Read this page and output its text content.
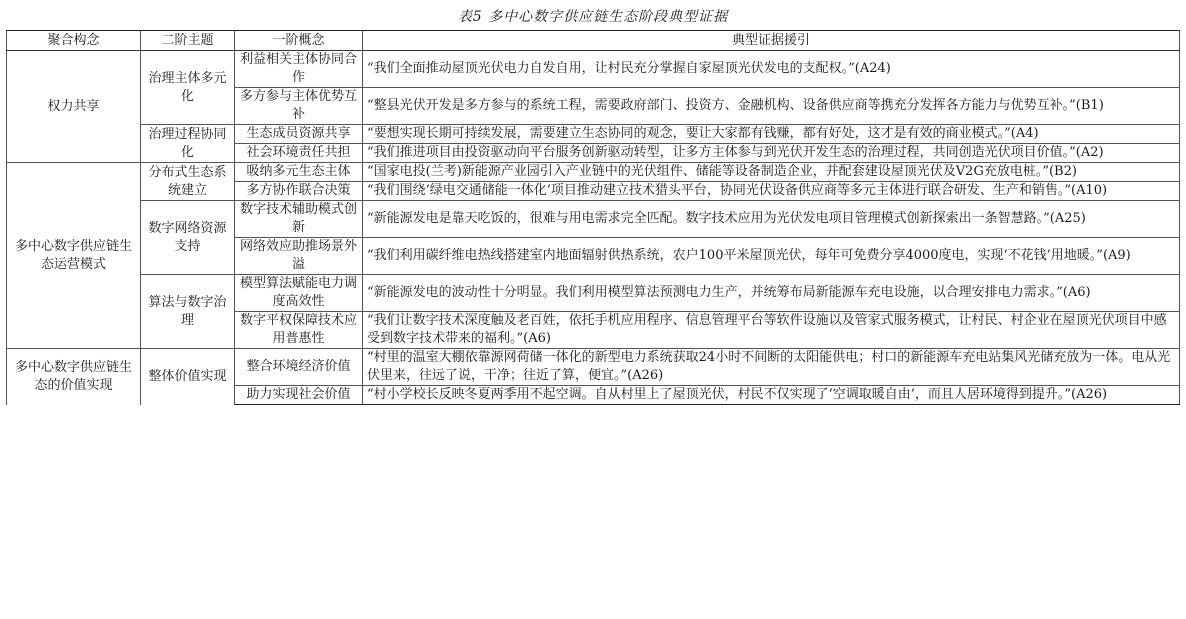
表5 多中心数字供应链生态阶段典型证据
聚合构念	二阶主题	一阶概念	典型证据援引
权力共享	治理主体多元化	利益相关主体协同合作	“我们全面推动屋顶光伏电力自发自用，让村民充分掌握自家屋顶光伏发电的支配权。”(A24)
		多方参与主体优势互补	“整县光伏开发是多方参与的系统工程，需要政府部门、投资方、金融机构、设备供应商等携充分发挥各方能力与优势互补。”(B1)
	治理过程协同化	生态成员资源共享	“要想实现长期可持续发展，需要建立生态协同的观念，要让大家都有钱赚，都有好处，这才是有效的商业模式。”(A4)
		社会环境责任共担	“我们推进项目由投资驱动向平台服务创新驱动转型，让多方主体参与到光伏开发生态的治理过程，共同创造光伏项目价值。”(A2)
多中心数字供应链生态运营模式	分布式生态系统建立	吸纳多元生态主体	“国家电投(兰考)新能源产业园引入产业链中的光伏组件、储能等设备制造企业，并配套建设屋顶光伏及V2G充放电桩。”(B2)
		多方协作联合决策	“我们围绕‘绿电交通储能一体化’项目推动建立技术猎头平台，协同光伏设备供应商等多元主体进行联合研发、生产和销售。”(A10)
	数字网络资源支持	数字技术辅助模式创新	“新能源发电是靠天吃饭的，很难与用电需求完全匹配。数字技术应用为光伏发电项目管理模式创新探索出一条智慧路。”(A25)
		网络效应助推场景外溢	“我们利用碳纤维电热线搭建室内地面辐射供热系统，农户100平米屋顶光伏，每年可免费分享4000度电，实现‘不花钱’用地暖。”(A9)
	算法与数字治理	模型算法赋能电力调度高效性	“新能源发电的波动性十分明显。我们利用模型算法预测电力生产，并统筹布局新能源车充电设施，以合理安排电力需求。”(A6)
		数字平权保障技术应用普惠性	“我们让数字技术深度触及老百姓，依托手机应用程序、信息管理平台等软件设施以及管家式服务模式，让村民、村企业在屋顶光伏项目中感受到数字技术带来的福利。”(A6)
多中心数字供应链生态的价值实现	整体价值实现	整合环境经济价值	“村里的温室大棚依靠源网荷储一体化的新型电力系统获取24小时不间断的太阳能供电；村口的新能源车充电站集风光储充放为一体。电从光伏里来，往远了说，干净；往近了算，便宜。”(A26)
		助力实现社会价值	“村小学校长反映冬夏两季用不起空调。自从村里上了屋顶光伏，村民不仅实现了‘空调取暖自由’，而且人居环境得到提升。”(A26)
